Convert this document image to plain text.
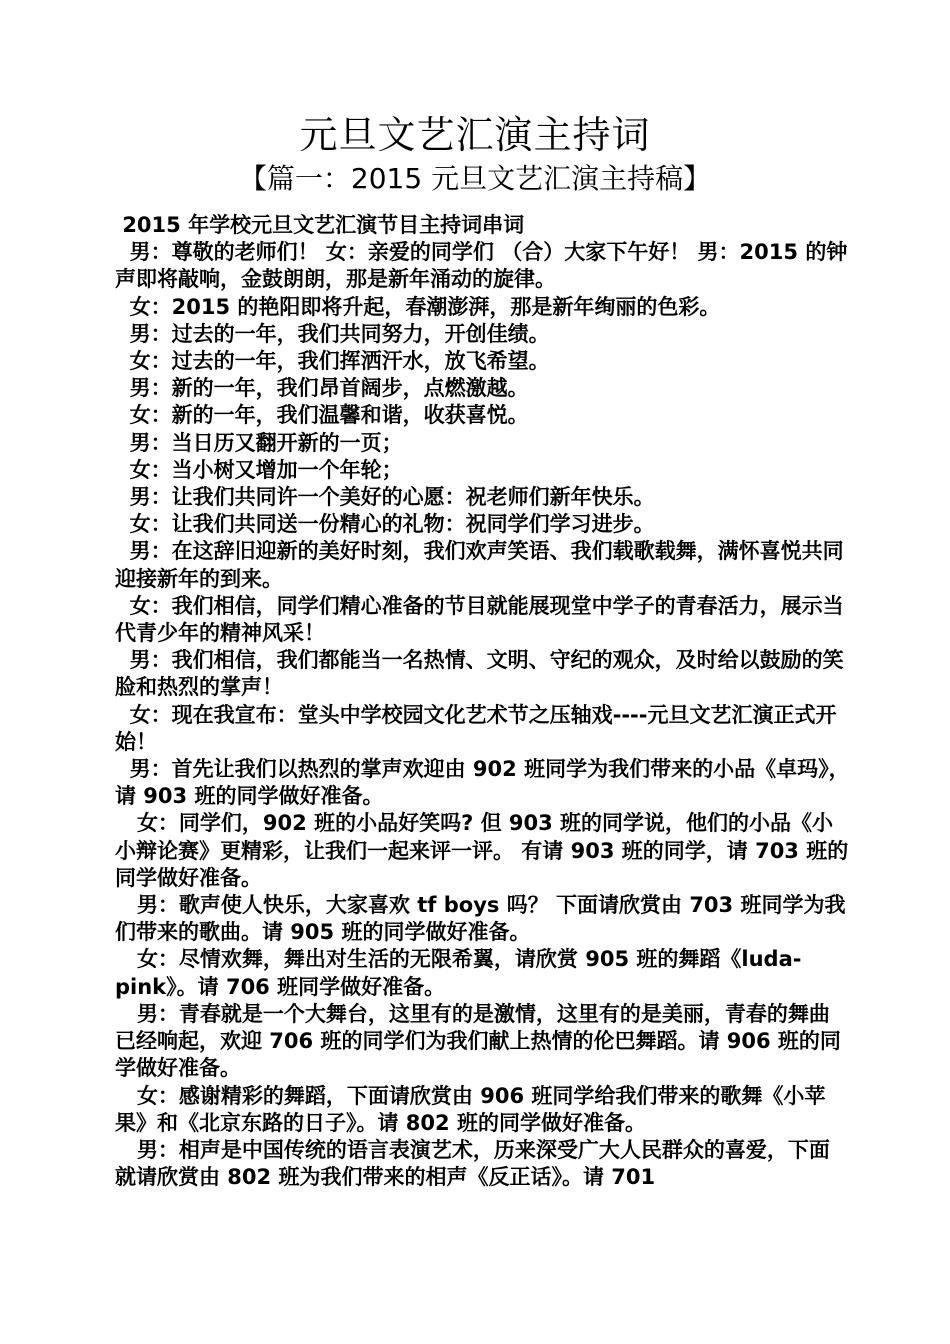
元旦文艺汇演主持词
【篇一：2015 元旦文艺汇演主持稿】

2015 年学校元旦文艺汇演节目主持词串词

男：尊敬的老师们！ 女：亲爱的同学们 （合）大家下午好！ 男：2015 的钟声即将敲响，金鼓朗朗，那是新年涌动的旋律。

女：2015 的艳阳即将升起，春潮澎湃，那是新年绚丽的色彩。

男：过去的一年，我们共同努力，开创佳绩。

女：过去的一年，我们挥洒汗水，放飞希望。

男：新的一年，我们昂首阔步，点燃激越。

女：新的一年，我们温馨和谐，收获喜悦。

男：当日历又翻开新的一页；

女：当小树又增加一个年轮；

男：让我们共同许一个美好的心愿：祝老师们新年快乐。

女：让我们共同送一份精心的礼物：祝同学们学习进步。

男：在这辞旧迎新的美好时刻，我们欢声笑语、我们载歌载舞，满怀喜悦共同迎接新年的到来。

女：我们相信，同学们精心准备的节目就能展现堂中学子的青春活力，展示当代青少年的精神风采！

男：我们相信，我们都能当一名热情、文明、守纪的观众，及时给以鼓励的笑脸和热烈的掌声！

女：现在我宣布：堂头中学校园文化艺术节之压轴戏----元旦文艺汇演正式开始！

男：首先让我们以热烈的掌声欢迎由 902 班同学为我们带来的小品《卓玛》，请 903 班的同学做好准备。

女：同学们，902 班的小品好笑吗? 但 903 班的同学说，他们的小品《小小辩论赛》更精彩，让我们一起来评一评。 有请 903 班的同学，请 703 班的同学做好准备。

男：歌声使人快乐，大家喜欢 tf boys 吗？ 下面请欣赏由 703 班同学为我们带来的歌曲。请 905 班的同学做好准备。

女：尽情欢舞，舞出对生活的无限希翼，请欣赏 905 班的舞蹈《luda-pink》。请 706 班同学做好准备。

男：青春就是一个大舞台，这里有的是激情，这里有的是美丽，青春的舞曲已经响起，欢迎 706 班的同学们为我们献上热情的伦巴舞蹈。请 906 班的同学做好准备。

女：感谢精彩的舞蹈，下面请欣赏由 906 班同学给我们带来的歌舞《小苹果》和《北京东路的日子》。请 802 班的同学做好准备。

男：相声是中国传统的语言表演艺术，历来深受广大人民群众的喜爱，下面就请欣赏由 802 班为我们带来的相声《反正话》。请 701
